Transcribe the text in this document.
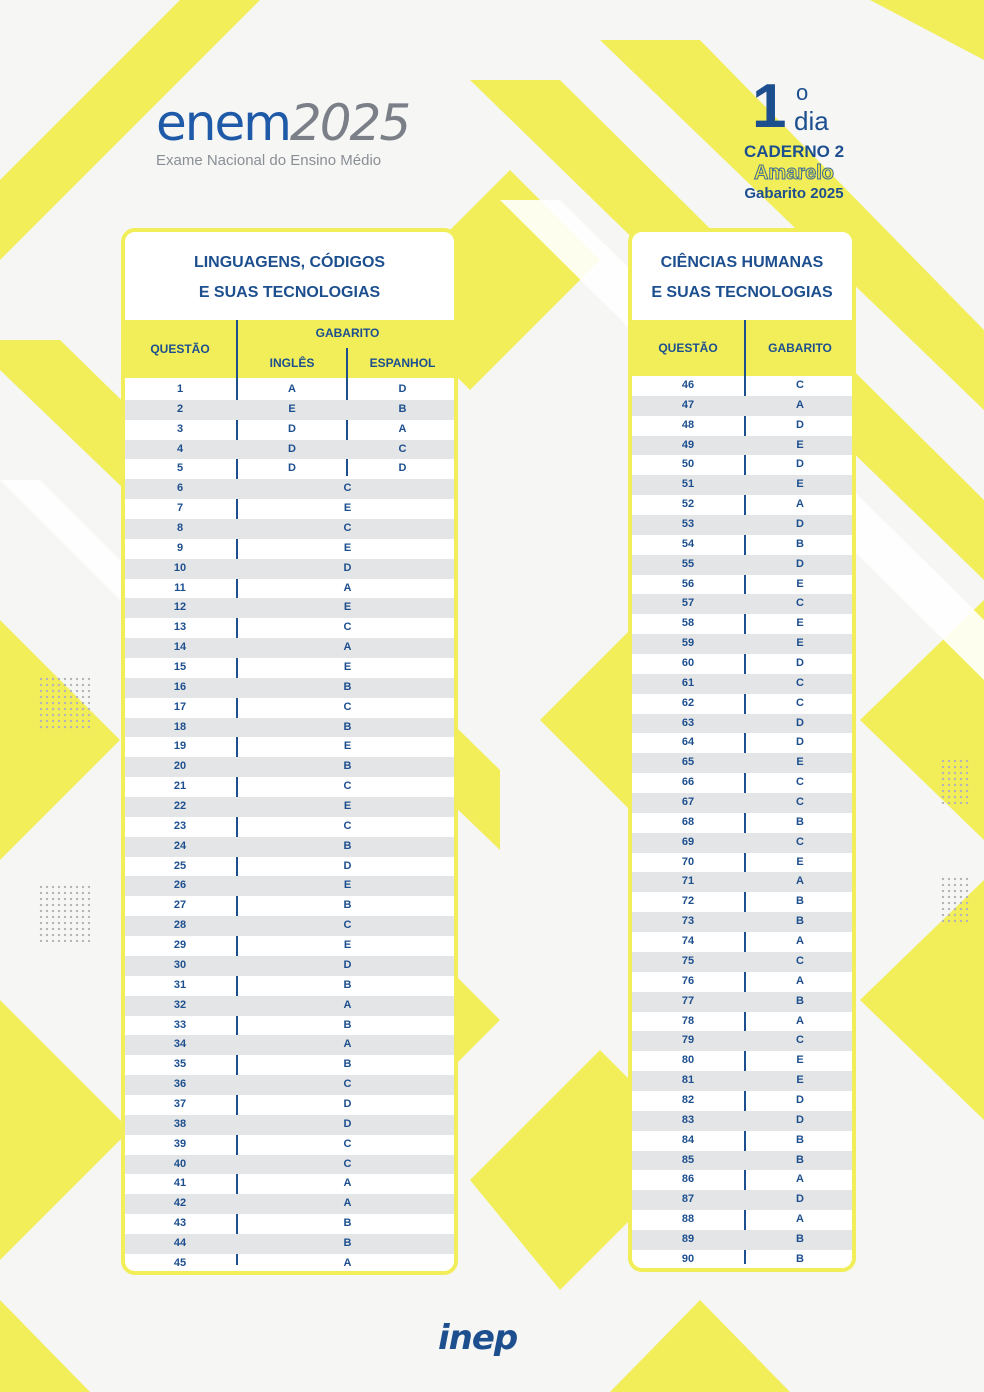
enem2025
Exame Nacional do Ensino Médio
1 o
dia
CADERNO 2
Amarelo
Gabarito 2025
LINGUAGENS, CÓDIGOS
E SUAS TECNOLOGIAS
QUESTÃO
GABARITO
INGLÊS	ESPANHOL
1	A	D
2	E	B
3	D	A
4	D	C
5	D	D
6	C
7	E
8	C
9	E
10	D
11	A
12	E
13	C
14	A
15	E
16	B
17	C
18	B
19	E
20	B
21	C
22	E
23	C
24	B
25	D
26	E
27	B
28	C
29	E
30	D
31	B
32	A
33	B
34	A
35	B
36	C
37	D
38	D
39	C
40	C
41	A
42	A
43	B
44	B
45	A
CIÊNCIAS HUMANAS
E SUAS TECNOLOGIAS
QUESTÃO	GABARITO
46	C
47	A
48	D
49	E
50	D
51	E
52	A
53	D
54	B
55	D
56	E
57	C
58	E
59	E
60	D
61	C
62	C
63	D
64	D
65	E
66	C
67	C
68	B
69	C
70	E
71	A
72	B
73	B
74	A
75	C
76	A
77	B
78	A
79	C
80	E
81	E
82	D
83	D
84	B
85	B
86	A
87	D
88	A
89	B
90	B
inep
